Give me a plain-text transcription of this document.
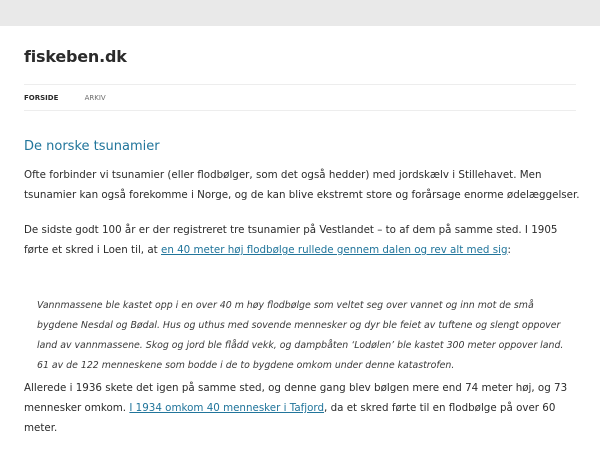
fiskeben.dk
FORSIDE	ARKIV
De norske tsunamier
Ofte forbinder vi tsunamier (eller flodbølger, som det også hedder) med jordskælv i Stillehavet. Men tsunamier kan også forekomme i Norge, og de kan blive ekstremt store og forårsage enorme ødelæggelser.
De sidste godt 100 år er der registreret tre tsunamier på Vestlandet – to af dem på samme sted. I 1905 førte et skred i Loen til, at en 40 meter høj flodbølge rullede gennem dalen og rev alt med sig:
Vannmassene ble kastet opp i en over 40 m høy flodbølge som veltet seg over vannet og inn mot de små bygdene Nesdal og Bødal. Hus og uthus med sovende mennesker og dyr ble feiet av tuftene og slengt oppover land av vannmassene. Skog og jord ble flådd vekk, og dampbåten ‘Lodølen’ ble kastet 300 meter oppover land. 61 av de 122 menneskene som bodde i de to bygdene omkom under denne katastrofen.
Allerede i 1936 skete det igen på samme sted, og denne gang blev bølgen mere end 74 meter høj, og 73 mennesker omkom. I 1934 omkom 40 mennesker i Tafjord, da et skred førte til en flodbølge på over 60 meter.
